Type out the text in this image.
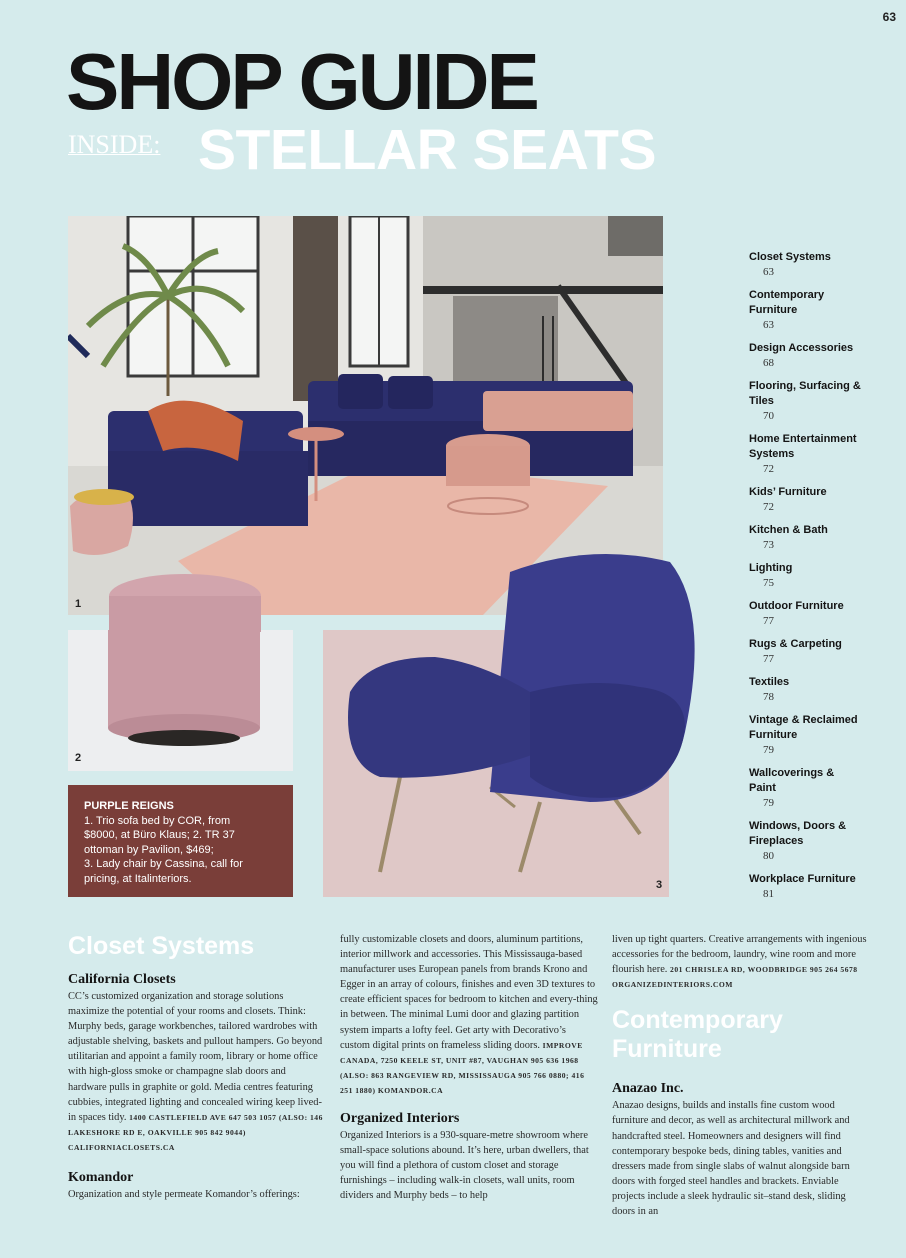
63
SHOP GUIDE
INSIDE: STELLAR SEATS
1
2
3
PURPLE REIGNS
1. Trio sofa bed by COR, from
$8000, at Büro Klaus; 2. TR 37
ottoman by Pavilion, $469;
3. Lady chair by Cassina, call for
pricing, at Italinteriors.
Closet Systems
63
Contemporary Furniture
63
Design Accessories
68
Flooring, Surfacing & Tiles
70
Home Entertainment Systems
72
Kids’ Furniture
72
Kitchen & Bath
73
Lighting
75
Outdoor Furniture
77
Rugs & Carpeting
77
Textiles
78
Vintage & Reclaimed Furniture
79
Wallcoverings & Paint
79
Windows, Doors & Fireplaces
80
Workplace Furniture
81
Closet Systems
California Closets

CC’s customized organization and storage solutions maximize the potential of your rooms and closets. Think: Murphy beds, garage workbenches, tailored wardrobes with adjustable shelving, baskets and pullout hampers. Go beyond utilitarian and appoint a family room, library or home office with high-gloss smoke or champagne slab doors and hardware pulls in graphite or gold. Media centres featuring cubbies, integrated lighting and concealed wiring keep lived-in spaces tidy. 1400 CASTLEFIELD AVE 647 503 1057 (ALSO: 146 LAKESHORE RD E, OAKVILLE 905 842 9044) CALIFORNIACLOSETS.CA

Komandor

Organization and style permeate Komandor’s offerings:

fully customizable closets and doors, aluminum partitions, interior millwork and accessories. This Mississauga-based manufacturer uses European panels from brands Krono and Egger in an array of colours, finishes and even 3D textures to create efficient spaces for bedroom to kitchen and every-thing in between. The minimal Lumi door and glazing partition system imparts a lofty feel. Get arty with Decorativo’s custom digital prints on frameless sliding doors. IMPROVE CANADA, 7250 KEELE ST, UNIT #87, VAUGHAN 905 636 1968 (ALSO: 863 RANGEVIEW RD, MISSISSAUGA 905 766 0880; 416 251 1880) KOMANDOR.CA

Organized Interiors

Organized Interiors is a 930-square-metre showroom where small-space solutions abound. It’s here, urban dwellers, that you will find a plethora of custom closet and storage furnishings – including walk-in closets, wall units, room dividers and Murphy beds – to help

liven up tight quarters. Creative arrangements with ingenious accessories for the bedroom, laundry, wine room and more flourish here. 201 CHRISLEA RD, WOODBRIDGE 905 264 5678 ORGANIZEDINTERIORS.COM

Contemporary Furniture
Anazao Inc.

Anazao designs, builds and installs fine custom wood furniture and decor, as well as architectural millwork and handcrafted steel. Homeowners and designers will find contemporary bespoke beds, dining tables, vanities and dressers made from single slabs of walnut alongside barn doors with forged steel handles and brackets. Enviable projects include a sleek hydraulic sit–stand desk, sliding doors in an
